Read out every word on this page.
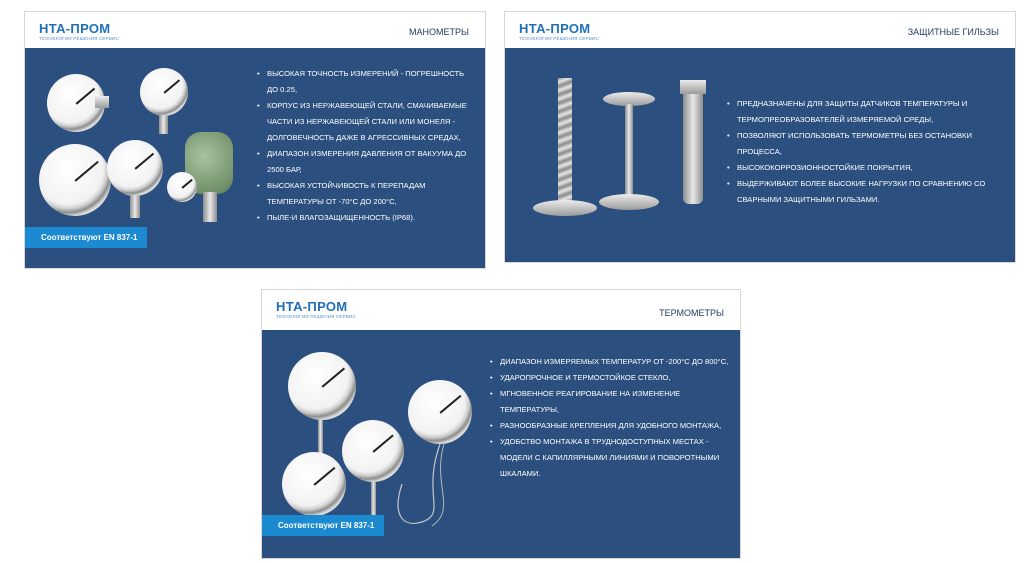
НТА-ПРОМ
ТЕХНОЛОГИИ РЕШЕНИЯ СЕРВИС
МАНОМЕТРЫ
• ВЫСОКАЯ ТОЧНОСТЬ ИЗМЕРЕНИЙ - ПОГРЕШНОСТЬ ДО 0.25,
• КОРПУС ИЗ НЕРЖАВЕЮЩЕЙ СТАЛИ, СМАЧИВАЕМЫЕ ЧАСТИ ИЗ НЕРЖАВЕЮЩЕЙ СТАЛИ ИЛИ МОНЕЛЯ - ДОЛГОВЕЧНОСТЬ ДАЖЕ В АГРЕССИВНЫХ СРЕДАХ,
• ДИАПАЗОН ИЗМЕРЕНИЯ ДАВЛЕНИЯ ОТ ВАКУУМА ДО 2500 БАР,
• ВЫСОКАЯ УСТОЙЧИВОСТЬ К ПЕРЕПАДАМ ТЕМПЕРАТУРЫ ОТ -70°С ДО 200°С,
• ПЫЛЕ-И ВЛАГОЗАЩИЩЕННОСТЬ (IP68).
Соответствуют EN 837-1
НТА-ПРОМ
ТЕХНОЛОГИИ РЕШЕНИЯ СЕРВИС
ЗАЩИТНЫЕ ГИЛЬЗЫ
• ПРЕДНАЗНАЧЕНЫ ДЛЯ ЗАЩИТЫ ДАТЧИКОВ ТЕМПЕРАТУРЫ И ТЕРМОПРЕОБРАЗОВАТЕЛЕЙ ИЗМЕРЯЕМОЙ СРЕДЫ,
• ПОЗВОЛЯЮТ ИСПОЛЬЗОВАТЬ ТЕРМОМЕТРЫ БЕЗ ОСТАНОВКИ ПРОЦЕССА,
• ВЫСОКОКОРРОЗИОННОСТОЙКИЕ ПОКРЫТИЯ,
• ВЫДЕРЖИВАЮТ БОЛЕЕ ВЫСОКИЕ НАГРУЗКИ ПО СРАВНЕНИЮ СО СВАРНЫМИ ЗАЩИТНЫМИ ГИЛЬЗАМИ.
НТА-ПРОМ
ТЕХНОЛОГИИ РЕШЕНИЯ СЕРВИС	ТЕРМОМЕТРЫ
• ДИАПАЗОН ИЗМЕРЯЕМЫХ ТЕМПЕРАТУР ОТ -200°С ДО 800°С,
• УДАРОПРОЧНОЕ И ТЕРМОСТОЙКОЕ СТЕКЛО,
• МГНОВЕННОЕ РЕАГИРОВАНИЕ НА ИЗМЕНЕНИЕ ТЕМПЕРАТУРЫ,
• РАЗНООБРАЗНЫЕ КРЕПЛЕНИЯ ДЛЯ УДОБНОГО МОНТАЖА,
• УДОБСТВО МОНТАЖА В ТРУДНОДОСТУПНЫХ МЕСТАХ - МОДЕЛИ С КАПИЛЛЯРНЫМИ ЛИНИЯМИ И ПОВОРОТНЫМИ ШКАЛАМИ.
Соответствуют EN 837-1
